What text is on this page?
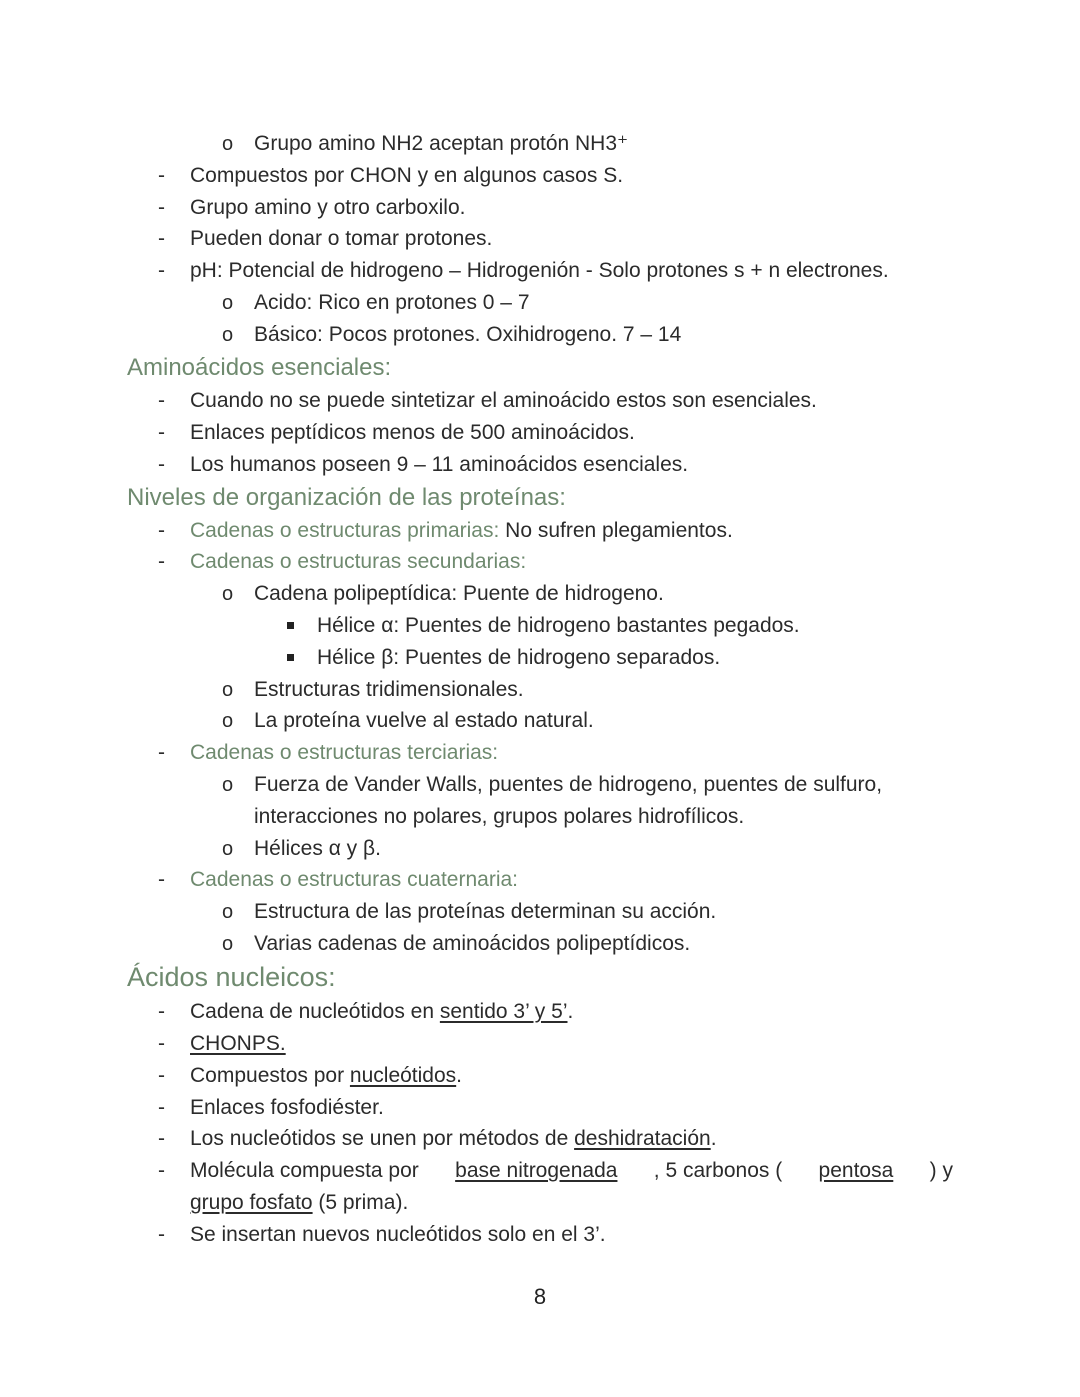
o Grupo amino NH2 aceptan protón NH3⁺
- Compuestos por CHON y en algunos casos S.
- Grupo amino y otro carboxilo.
- Pueden donar o tomar protones.
- pH: Potencial de hidrogeno – Hidrogenión - Solo protones s + n electrones.
o Acido: Rico en protones 0 – 7
o Básico: Pocos protones. Oxihidrogeno. 7 – 14
Aminoácidos esenciales:
- Cuando no se puede sintetizar el aminoácido estos son esenciales.
- Enlaces peptídicos menos de 500 aminoácidos.
- Los humanos poseen 9 – 11 aminoácidos esenciales.
Niveles de organización de las proteínas:
- Cadenas o estructuras primarias: No sufren plegamientos.
- Cadenas o estructuras secundarias:
o Cadena polipeptídica: Puente de hidrogeno.
Hélice α: Puentes de hidrogeno bastantes pegados.
Hélice β: Puentes de hidrogeno separados.
o Estructuras tridimensionales.
o La proteína vuelve al estado natural.
- Cadenas o estructuras terciarias:
o Fuerza de Vander Walls, puentes de hidrogeno, puentes de sulfuro,
interacciones no polares, grupos polares hidrofílicos.
o Hélices α y β.
- Cadenas o estructuras cuaternaria:
o Estructura de las proteínas determinan su acción.
o Varias cadenas de aminoácidos polipeptídicos.
Ácidos nucleicos:
- Cadena de nucleótidos en sentido 3’ y 5’.
- CHONPS.
- Compuestos por nucleótidos.
- Enlaces fosfodiéster.
- Los nucleótidos se unen por métodos de deshidratación.
- Molécula compuesta por base nitrogenada , 5 carbonos ( pentosa ) y
grupo fosfato (5 prima).
- Se insertan nuevos nucleótidos solo en el 3’.
8
